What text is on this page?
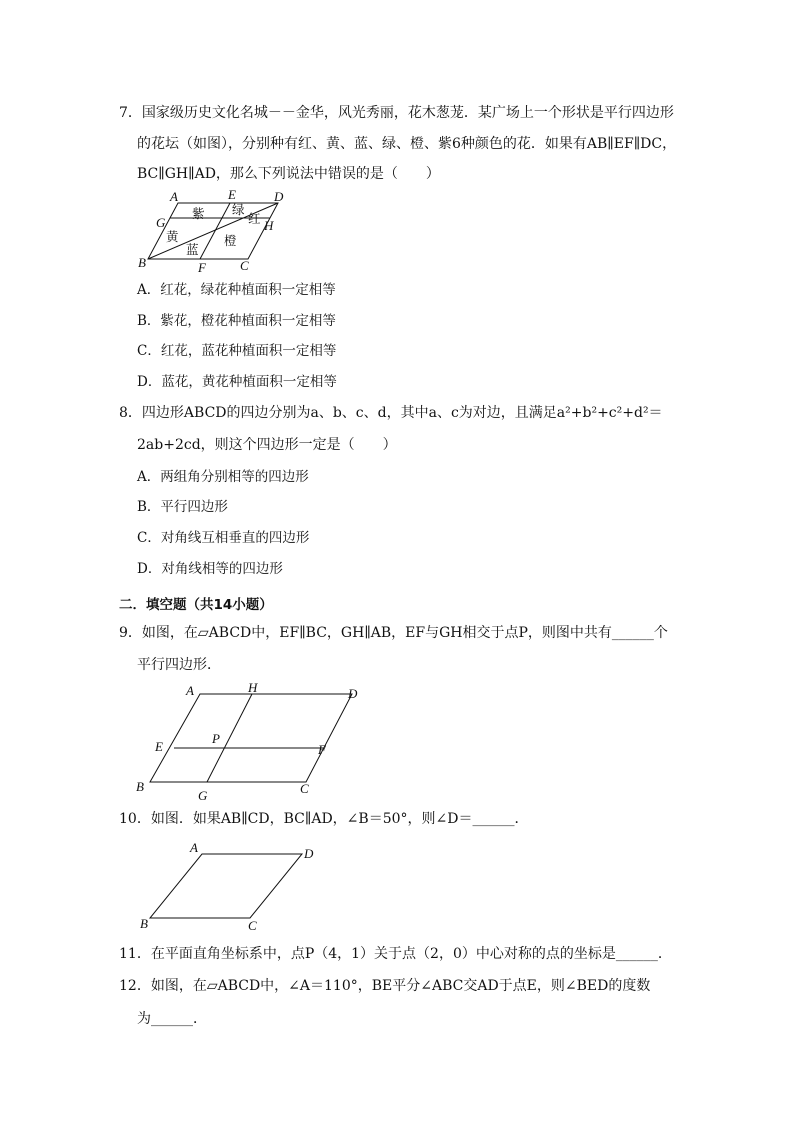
7．国家级历史文化名城－－金华，风光秀丽，花木葱茏．某广场上一个形状是平行四边形
的花坛（如图），分别种有红、黄、蓝、绿、橙、紫6种颜色的花．如果有AB∥EF∥DC，
BC∥GH∥AD，那么下列说法中错误的是（　　）
A	E	D
G	H
B	F	C
紫 绿
红
黄
蓝
橙
A．红花，绿花种植面积一定相等
B．紫花，橙花种植面积一定相等
C．红花，蓝花种植面积一定相等
D．蓝花，黄花种植面积一定相等
8．四边形ABCD的四边分别为a、b、c、d，其中a、c为对边，且满足a²+b²+c²+d²＝
2ab+2cd，则这个四边形一定是（　　）
A．两组角分别相等的四边形
B．平行四边形
C．对角线互相垂直的四边形
D．对角线相等的四边形
二．填空题（共14小题）
9．如图，在▱ABCD中，EF∥BC，GH∥AB，EF与GH相交于点P，则图中共有______个
平行四边形．
A	H	D
E
P
F
B
G	C
10．如图．如果AB∥CD，BC∥AD，∠B＝50°，则∠D＝______．
A	D
B	C
11．在平面直角坐标系中，点P（4，1）关于点（2，0）中心对称的点的坐标是______．
12．如图，在▱ABCD中，∠A＝110°，BE平分∠ABC交AD于点E，则∠BED的度数
为______．
